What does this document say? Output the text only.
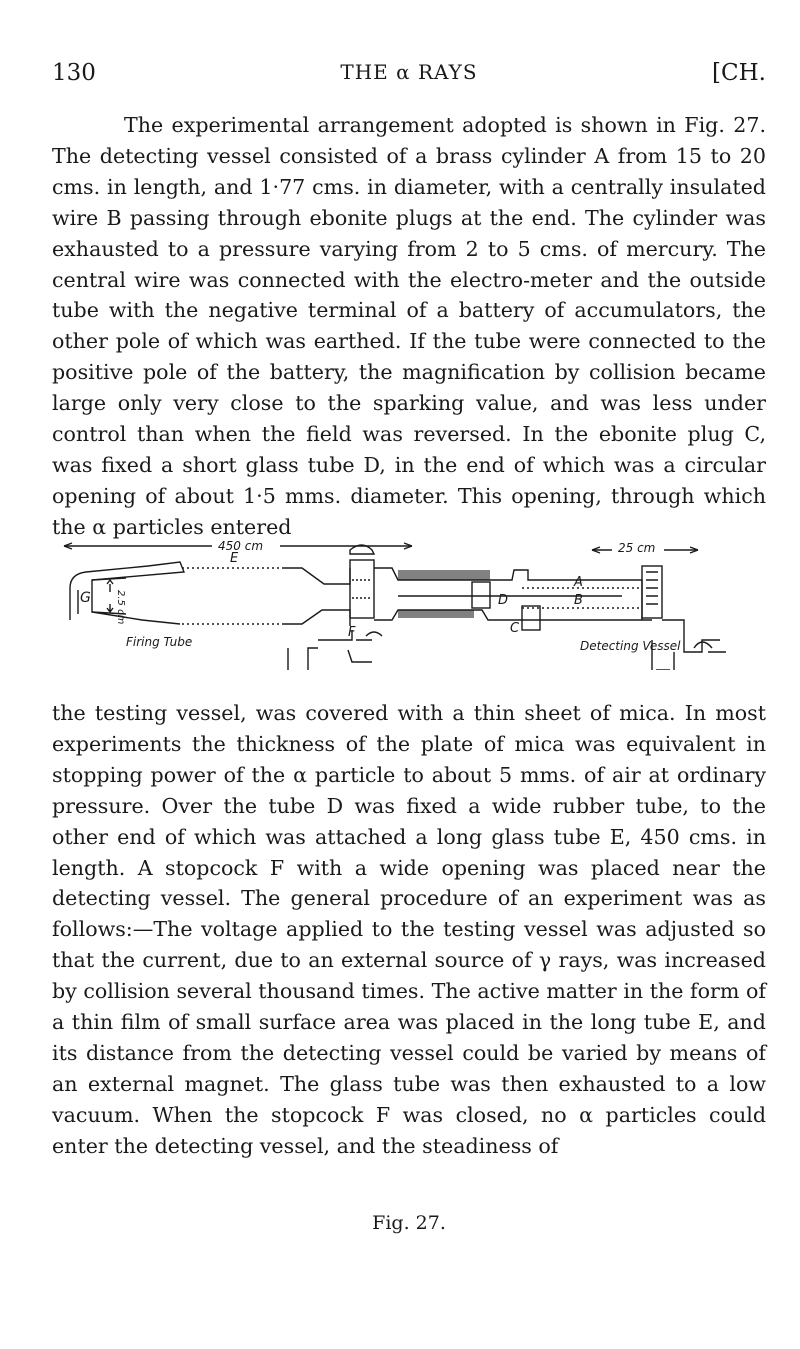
130	THE α RAYS	[CH.

The experimental arrangement adopted is shown in Fig. 27. The detecting vessel consisted of a brass cylinder A from 15 to 20 cms. in length, and 1·77 cms. in diameter, with a centrally insulated wire B passing through ebonite plugs at the end. The cylinder was exhausted to a pressure varying from 2 to 5 cms. of mercury. The central wire was connected with the electro-meter and the outside tube with the negative terminal of a battery of accumulators, the other pole of which was earthed. If the tube were connected to the positive pole of the battery, the magnification by collision became large only very close to the sparking value, and was less under control than when the field was reversed. In the ebonite plug C, was fixed a short glass tube D, in the end of which was a circular opening of about 1·5 mms. diameter. This opening, through which the α particles entered

450 cm
G 2.5 cm
E
Firing Tube
F
A
B
C
D
25 cm
Detecting Vessel
Fig. 27.

the testing vessel, was covered with a thin sheet of mica. In most experiments the thickness of the plate of mica was equivalent in stopping power of the α particle to about 5 mms. of air at ordinary pressure. Over the tube D was fixed a wide rubber tube, to the other end of which was attached a long glass tube E, 450 cms. in length. A stopcock F with a wide opening was placed near the detecting vessel. The general procedure of an experiment was as follows:—The voltage applied to the testing vessel was adjusted so that the current, due to an external source of γ rays, was increased by collision several thousand times. The active matter in the form of a thin film of small surface area was placed in the long tube E, and its distance from the detecting vessel could be varied by means of an external magnet. The glass tube was then exhausted to a low vacuum. When the stopcock F was closed, no α particles could enter the detecting vessel, and the steadiness of
